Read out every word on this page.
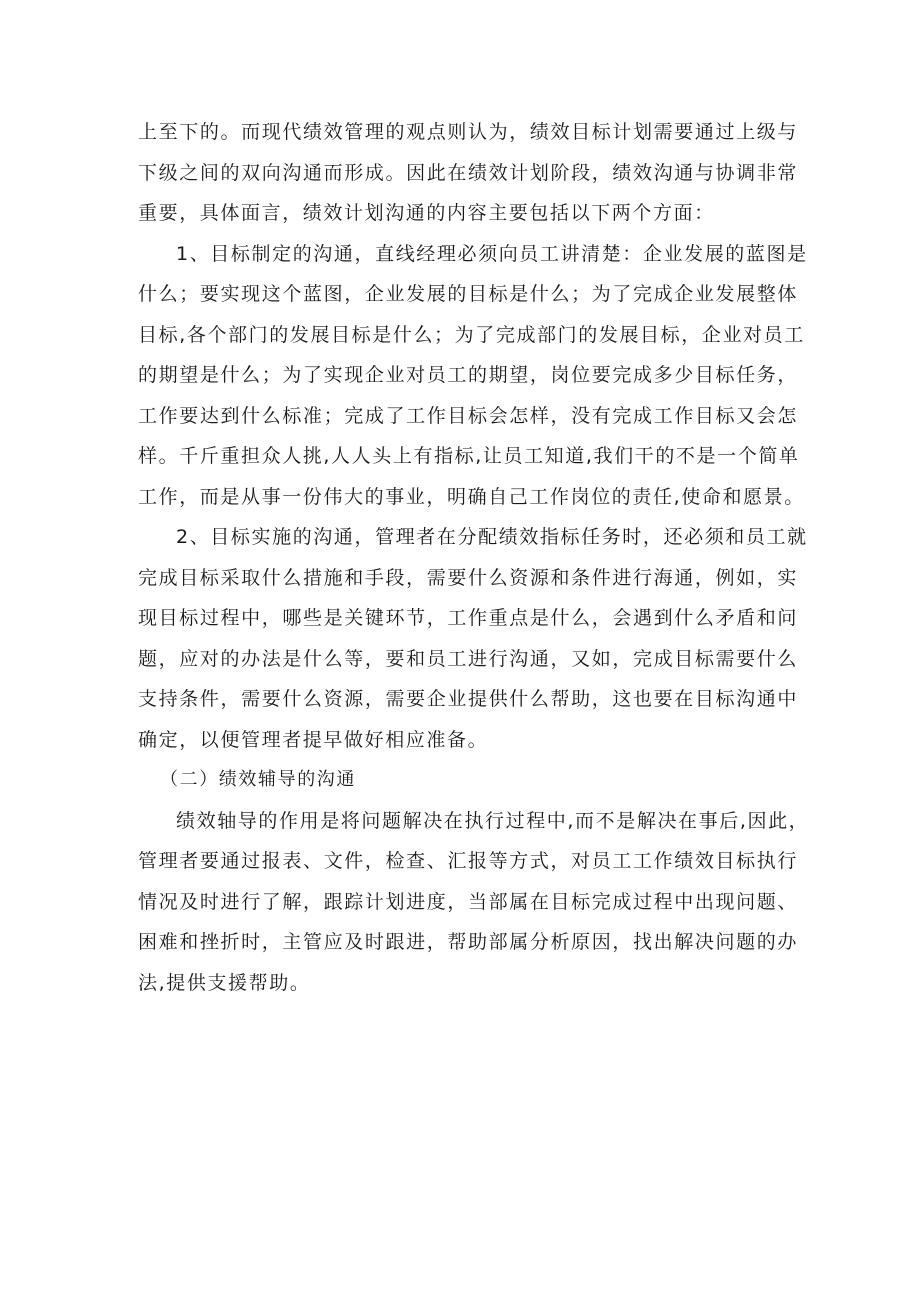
上至下的。而现代绩效管理的观点则认为，绩效目标计划需要通过上级与
下级之间的双向沟通而形成。因此在绩效计划阶段，绩效沟通与协调非常
重要，具体面言，绩效计划沟通的内容主要包括以下两个方面：
1、目标制定的沟通，直线经理必须向员工讲清楚：企业发展的蓝图是
什么；要实现这个蓝图，企业发展的目标是什么；为了完成企业发展整体
目标,各个部门的发展目标是什么；为了完成部门的发展目标，企业对员工
的期望是什么；为了实现企业对员工的期望，岗位要完成多少目标任务，
工作要达到什么标准；完成了工作目标会怎样，没有完成工作目标又会怎
样。千斤重担众人挑,人人头上有指标,让员工知道,我们干的不是一个简单
工作，而是从事一份伟大的事业，明确自己工作岗位的责任,使命和愿景。
2、目标实施的沟通，管理者在分配绩效指标任务时，还必须和员工就
完成目标采取什么措施和手段，需要什么资源和条件进行海通，例如，实
现目标过程中，哪些是关键环节，工作重点是什么，会遇到什么矛盾和问
题，应对的办法是什么等，要和员工进行沟通，又如，完成目标需要什么
支持条件，需要什么资源，需要企业提供什么帮助，这也要在目标沟通中
确定，以便管理者提早做好相应准备。
（二）绩效辅导的沟通
绩效轴导的作用是将问题解决在执行过程中,而不是解决在事后,因此，
管理者要通过报表、文件，检查、汇报等方式，对员工工作绩效目标执行
情况及时进行了解，跟踪计划进度，当部属在目标完成过程中出现问题、
困难和挫折时，主管应及时跟进，帮助部属分析原因，找出解决问题的办
法,提供支援帮助。
